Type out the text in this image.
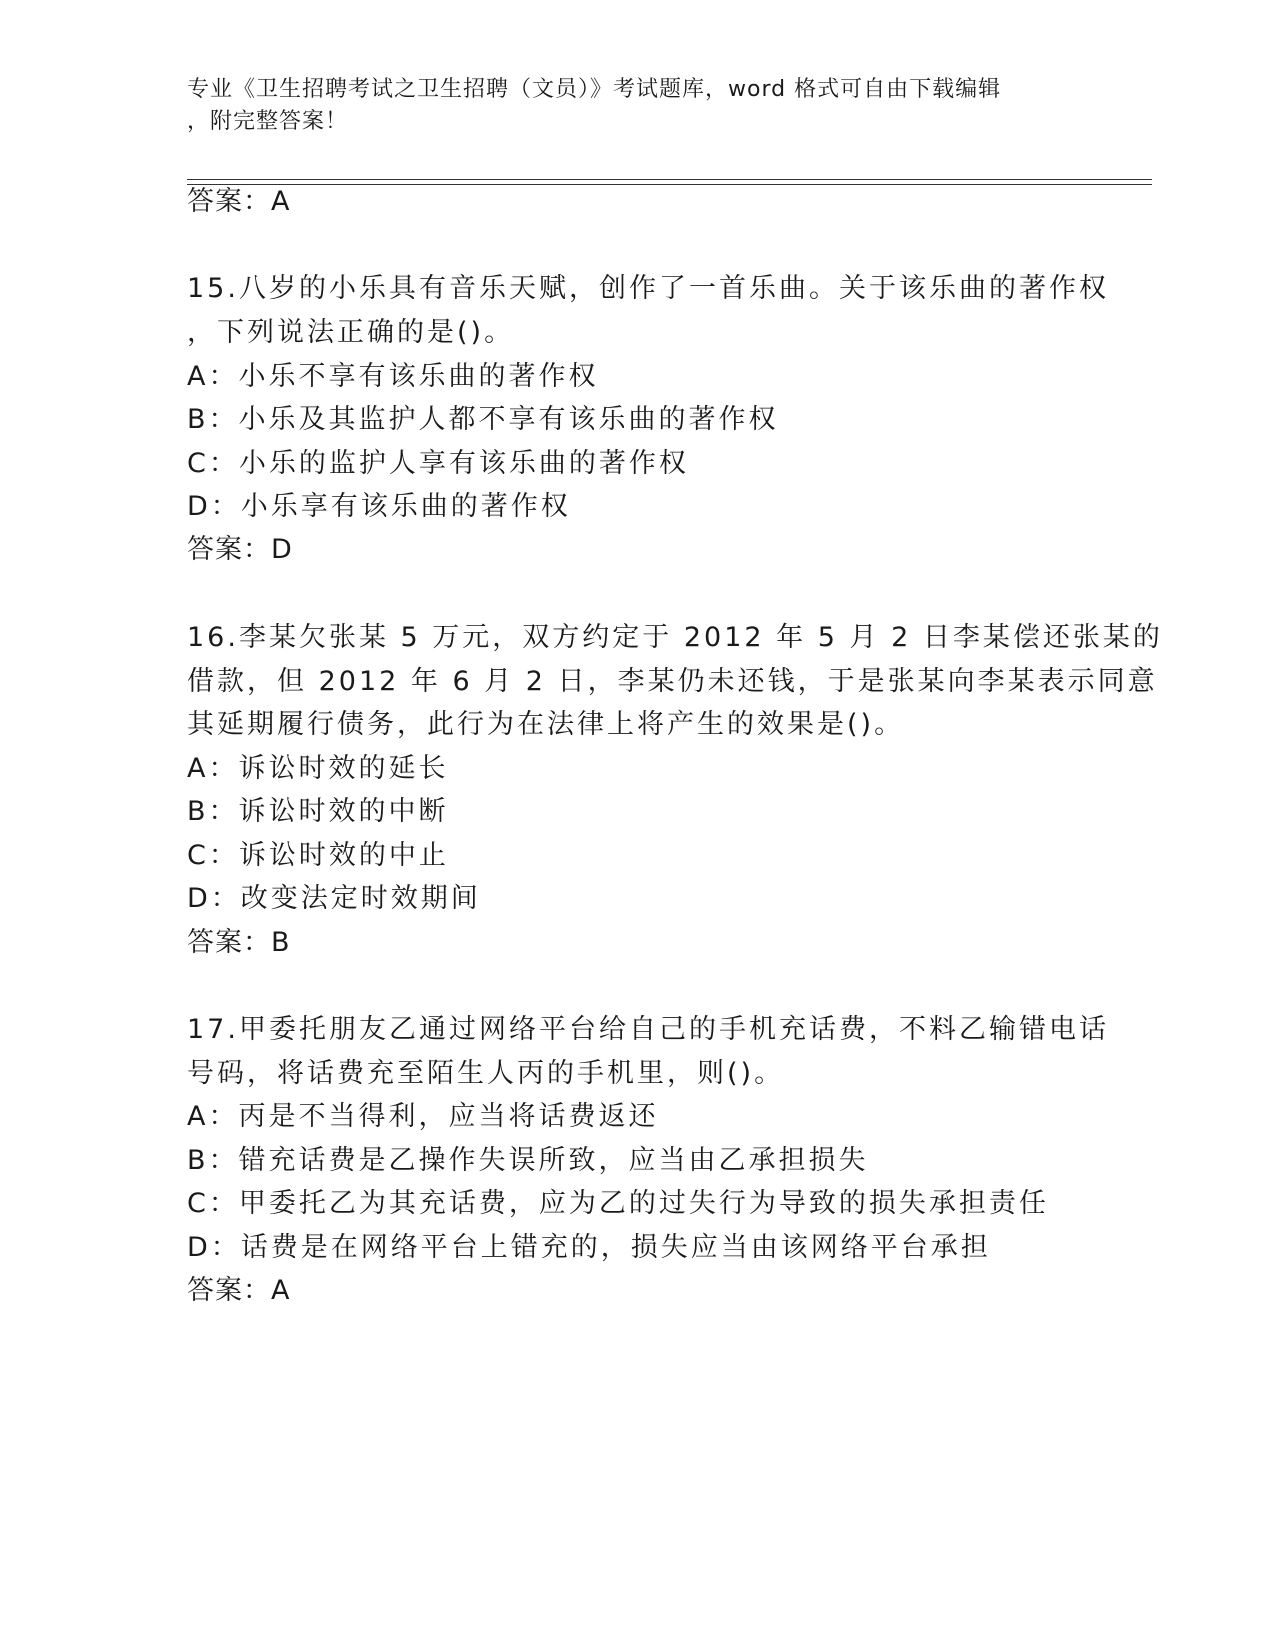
专业《卫生招聘考试之卫生招聘（文员）》考试题库，word 格式可自由下载编辑
，附完整答案！
答案：A
15.八岁的小乐具有音乐天赋，创作了一首乐曲。关于该乐曲的著作权
，下列说法正确的是()。
A：小乐不享有该乐曲的著作权
B：小乐及其监护人都不享有该乐曲的著作权
C：小乐的监护人享有该乐曲的著作权
D：小乐享有该乐曲的著作权
答案：D
16.李某欠张某 5 万元，双方约定于 2012 年 5 月 2 日李某偿还张某的
借款，但 2012 年 6 月 2 日，李某仍未还钱，于是张某向李某表示同意
其延期履行债务，此行为在法律上将产生的效果是()。
A：诉讼时效的延长
B：诉讼时效的中断
C：诉讼时效的中止
D：改变法定时效期间
答案：B
17.甲委托朋友乙通过网络平台给自己的手机充话费，不料乙输错电话
号码，将话费充至陌生人丙的手机里，则()。
A：丙是不当得利，应当将话费返还
B：错充话费是乙操作失误所致，应当由乙承担损失
C：甲委托乙为其充话费，应为乙的过失行为导致的损失承担责任
D：话费是在网络平台上错充的，损失应当由该网络平台承担
答案：A
